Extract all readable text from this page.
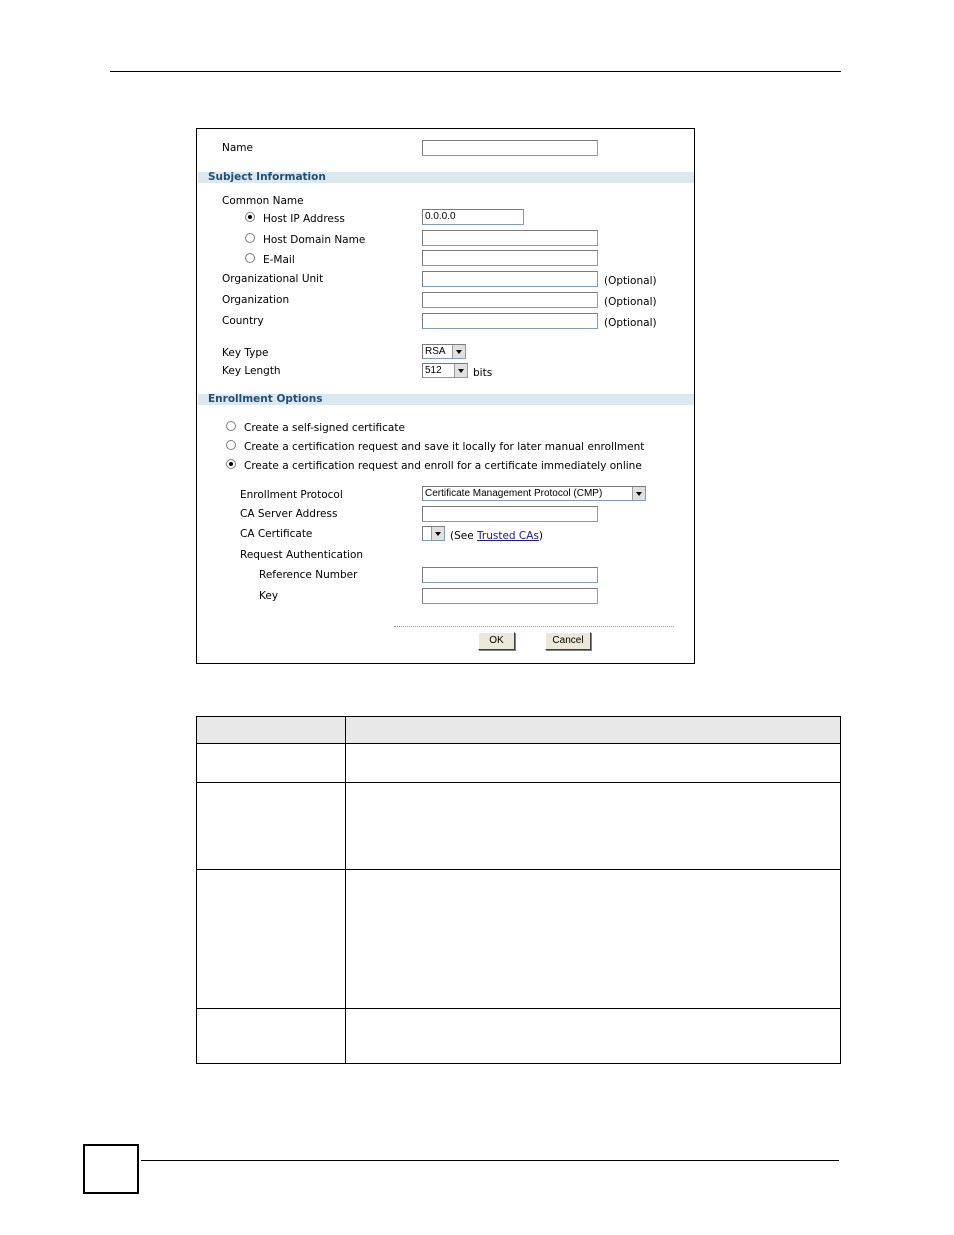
Name
Subject Information
Common Name
Host IP Address	0.0.0.0
Host Domain Name
E-Mail
Organizational Unit	(Optional)
Organization	(Optional)
Country	(Optional)
Key Type	RSA
Key Length	512	bits
Enrollment Options
Create a self-signed certificate
Create a certification request and save it locally for later manual enrollment
Create a certification request and enroll for a certificate immediately online
Enrollment Protocol	Certificate Management Protocol (CMP)
CA Server Address
CA Certificate	(See Trusted CAs)
Request Authentication
Reference Number
Key
OK	Cancel
